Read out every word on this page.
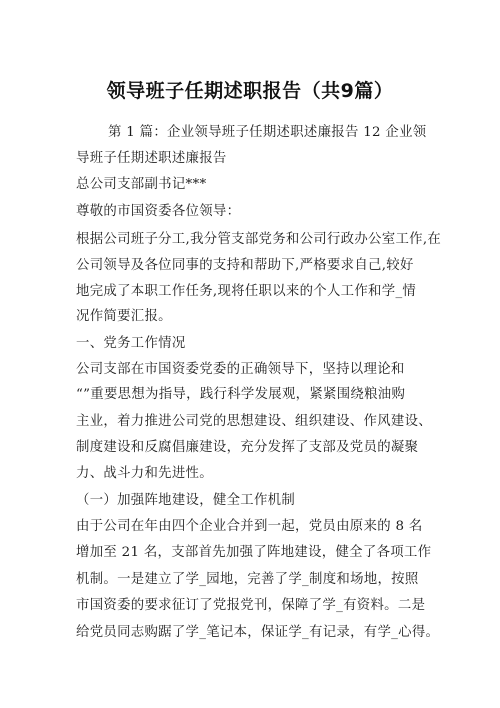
领导班子任期述职报告（共9篇）
第 1 篇：企业领导班子任期述职述廉报告 12 企业领
导班子任期述职述廉报告
总公司支部副书记***
尊敬的市国资委各位领导：
根据公司班子分工,我分管支部党务和公司行政办公室工作,在
公司领导及各位同事的支持和帮助下,严格要求自己,较好
地完成了本职工作任务,现将任职以来的个人工作和学_情
况作简要汇报。
一、党务工作情况
公司支部在市国资委党委的正确领导下，坚持以理论和
“”重要思想为指导，践行科学发展观，紧紧围绕粮油购
主业，着力推进公司党的思想建设、组织建设、作风建设、
制度建设和反腐倡廉建设，充分发挥了支部及党员的凝聚
力、战斗力和先进性。
（一）加强阵地建设，健全工作机制
由于公司在年由四个企业合并到一起，党员由原来的 8 名
增加至 21 名，支部首先加强了阵地建设，健全了各项工作
机制。一是建立了学_园地，完善了学_制度和场地，按照
市国资委的要求征订了党报党刊，保障了学_有资料。二是
给党员同志购踞了学_笔记本，保证学_有记录，有学_心得。
